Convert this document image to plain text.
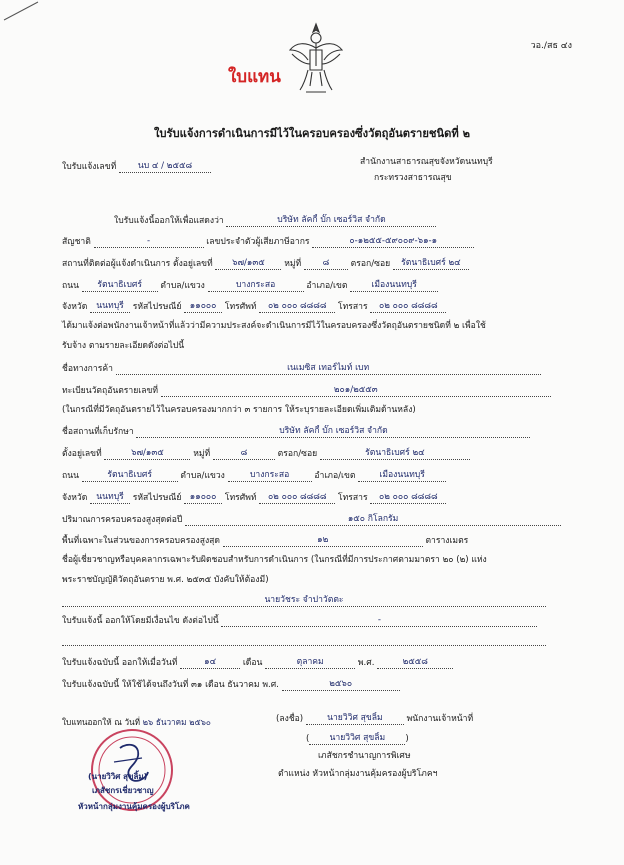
วอ./สธ ๔ง
ใบแทน
ใบรับแจ้งการดำเนินการมีไว้ในครอบครองซึ่งวัตถุอันตรายชนิดที่ ๒
ใบรับแจ้งเลขที่	นบ ๔ / ๒๕๕๘	สำนักงานสาธารณสุขจังหวัดนนทบุรี
กระทรวงสาธารณสุข
ใบรับแจ้งนี้ออกให้เพื่อแสดงว่า	บริษัท ลัคกี้ บั๊ก เซอร์วิส จำกัด
สัญชาติ	-	เลขประจำตัวผู้เสียภาษีอากร	๐-๑๒๕๕-๕๙๐๐๙-๖๑-๑
สถานที่ติดต่อผู้แจ้งดำเนินการ ตั้งอยู่เลขที่ ๖๗/๑๓๕ หมู่ที่ ๘ ตรอก/ซอย รัตนาธิเบศร์ ๒๔
ถนน รัตนาธิเบศร์ ตำบล/แขวง	บางกระสอ	อำเภอ/เขต	เมืองนนทบุรี
จังหวัด นนทบุรี รหัสไปรษณีย์ ๑๑๐๐๐ โทรศัพท์ ๐๒ ๐๐๐ ๘๘๘๘ โทรสาร ๐๒ ๐๐๐ ๘๘๘๘
ได้มาแจ้งต่อพนักงานเจ้าหน้าที่แล้วว่ามีความประสงค์จะดำเนินการมีไว้ในครอบครองซึ่งวัตถุอันตรายชนิดที่ ๒ เพื่อใช้
รับจ้าง ตามรายละเอียดดังต่อไปนี้
ชื่อทางการค้า	เนเมซิส เทอร์ไมท์ เบท
ทะเบียนวัตถุอันตรายเลขที่	๒๐๑/๒๕๕๓
(ในกรณีที่มีวัตถุอันตรายไว้ในครอบครองมากกว่า ๓ รายการ ให้ระบุรายละเอียดเพิ่มเติมด้านหลัง)
ชื่อสถานที่เก็บรักษา	บริษัท ลัคกี้ บั๊ก เซอร์วิส จำกัด
ตั้งอยู่เลขที่	๖๗/๑๓๕	หมู่ที่	๘	ตรอก/ซอย	รัตนาธิเบศร์ ๒๔
ถนน	รัตนาธิเบศร์	ตำบล/แขวง	บางกระสอ	อำเภอ/เขต	เมืองนนทบุรี
จังหวัด นนทบุรี รหัสไปรษณีย์ ๑๑๐๐๐ โทรศัพท์ ๐๒ ๐๐๐ ๘๘๘๘ โทรสาร ๐๒ ๐๐๐ ๘๘๘๘
ปริมาณการครอบครองสูงสุดต่อปี	๑๕๐ กิโลกรัม
พื้นที่เฉพาะในส่วนของการครอบครองสูงสุด	๑๒	ตารางเมตร
ชื่อผู้เชี่ยวชาญหรือบุคคลากรเฉพาะรับผิดชอบสำหรับการดำเนินการ (ในกรณีที่มีการประกาศตามมาตรา ๒๐ (๒) แห่ง
พระราชบัญญัติวัตถุอันตราย พ.ศ. ๒๕๓๕ บังคับให้ต้องมี)
นายวัชระ จำปาวัตตะ
ใบรับแจ้งนี้ ออกให้โดยมีเงื่อนไข ดังต่อไปนี้	-
ใบรับแจ้งฉบับนี้ ออกให้เมื่อวันที่	๑๔	เดือน	ตุลาคม	พ.ศ.	๒๕๕๘
ใบรับแจ้งฉบับนี้ ให้ใช้ได้จนถึงวันที่ ๓๑ เดือน ธันวาคม พ.ศ.	๒๕๖๐
ใบแทนออกให้ ณ วันที่ ๒๖ ธันวาคม ๒๕๖๐	(ลงชื่อ)	นายวิวิศ สุขลิ้ม	พนักงานเจ้าหน้าที่
( นายวิวิศ สุขลิ้ม )
เภสัชกรชำนาญการพิเศษ
ตำแหน่ง หัวหน้ากลุ่มงานคุ้มครองผู้บริโภคฯ
(นายวิวิศ สุขลิ้ม)
เภสัชกรเชี่ยวชาญ
หัวหน้ากลุ่มงานคุ้มครองผู้บริโภค
